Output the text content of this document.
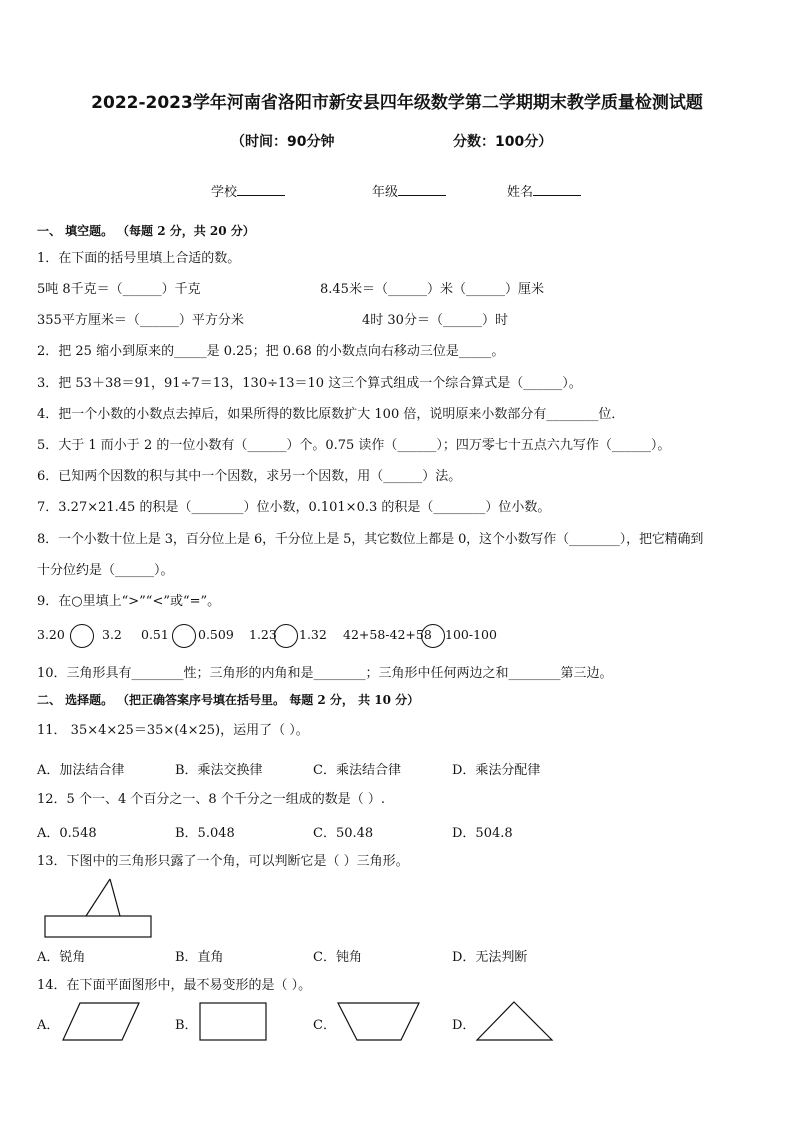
2022-2023学年河南省洛阳市新安县四年级数学第二学期期末教学质量检测试题
（时间：90分钟	分数：100分）
学校	年级	姓名
一、 填空题。 （每题 2 分，共 20 分）
1．在下面的括号里填上合适的数。
5吨 8千克＝（______）千克	8.45米＝（______）米（______）厘米
355平方厘米＝（______）平方分米	4时 30分＝（______）时
2．把 25 缩小到原来的_____是 0.25；把 0.68 的小数点向右移动三位是_____。
3．把 53＋38＝91，91÷7＝13，130÷13＝10 这三个算式组成一个综合算式是（______）。
4．把一个小数的小数点去掉后，如果所得的数比原数扩大 100 倍，说明原来小数部分有________位．
5．大于 1 而小于 2 的一位小数有（______）个。0.75 读作（______）；四万零七十五点六九写作（______）。
6．已知两个因数的积与其中一个因数，求另一个因数，用（______）法。
7．3.27×21.45 的积是（________）位小数，0.101×0.3 的积是（________）位小数。
8．一个小数十位上是 3，百分位上是 6，千分位上是 5，其它数位上都是 0，这个小数写作（________），把它精确到
十分位约是（______）。
9．在○里填上“>”“<”或“=”。
3.20	3.2 0.51 0.509 1.23 1.32 42+58-42+58 100-100
10．三角形具有________性；三角形的内角和是________；三角形中任何两边之和________第三边。
二、 选择题。 （把正确答案序号填在括号里。 每题 2 分， 共 10 分）
11． 35×4×25＝35×(4×25)，运用了（ ）。
A．加法结合律	B．乘法交换律	C．乘法结合律	D．乘法分配律
12．5 个一、4 个百分之一、8 个千分之一组成的数是（ ）.
A．0.548	B．5.048	C．50.48	D．504.8
13．下图中的三角形只露了一个角，可以判断它是（ ）三角形。
A．锐角	B．直角	C．钝角	D．无法判断
14．在下面平面图形中，最不易变形的是（ ）。
A．	B．	C．	D．
